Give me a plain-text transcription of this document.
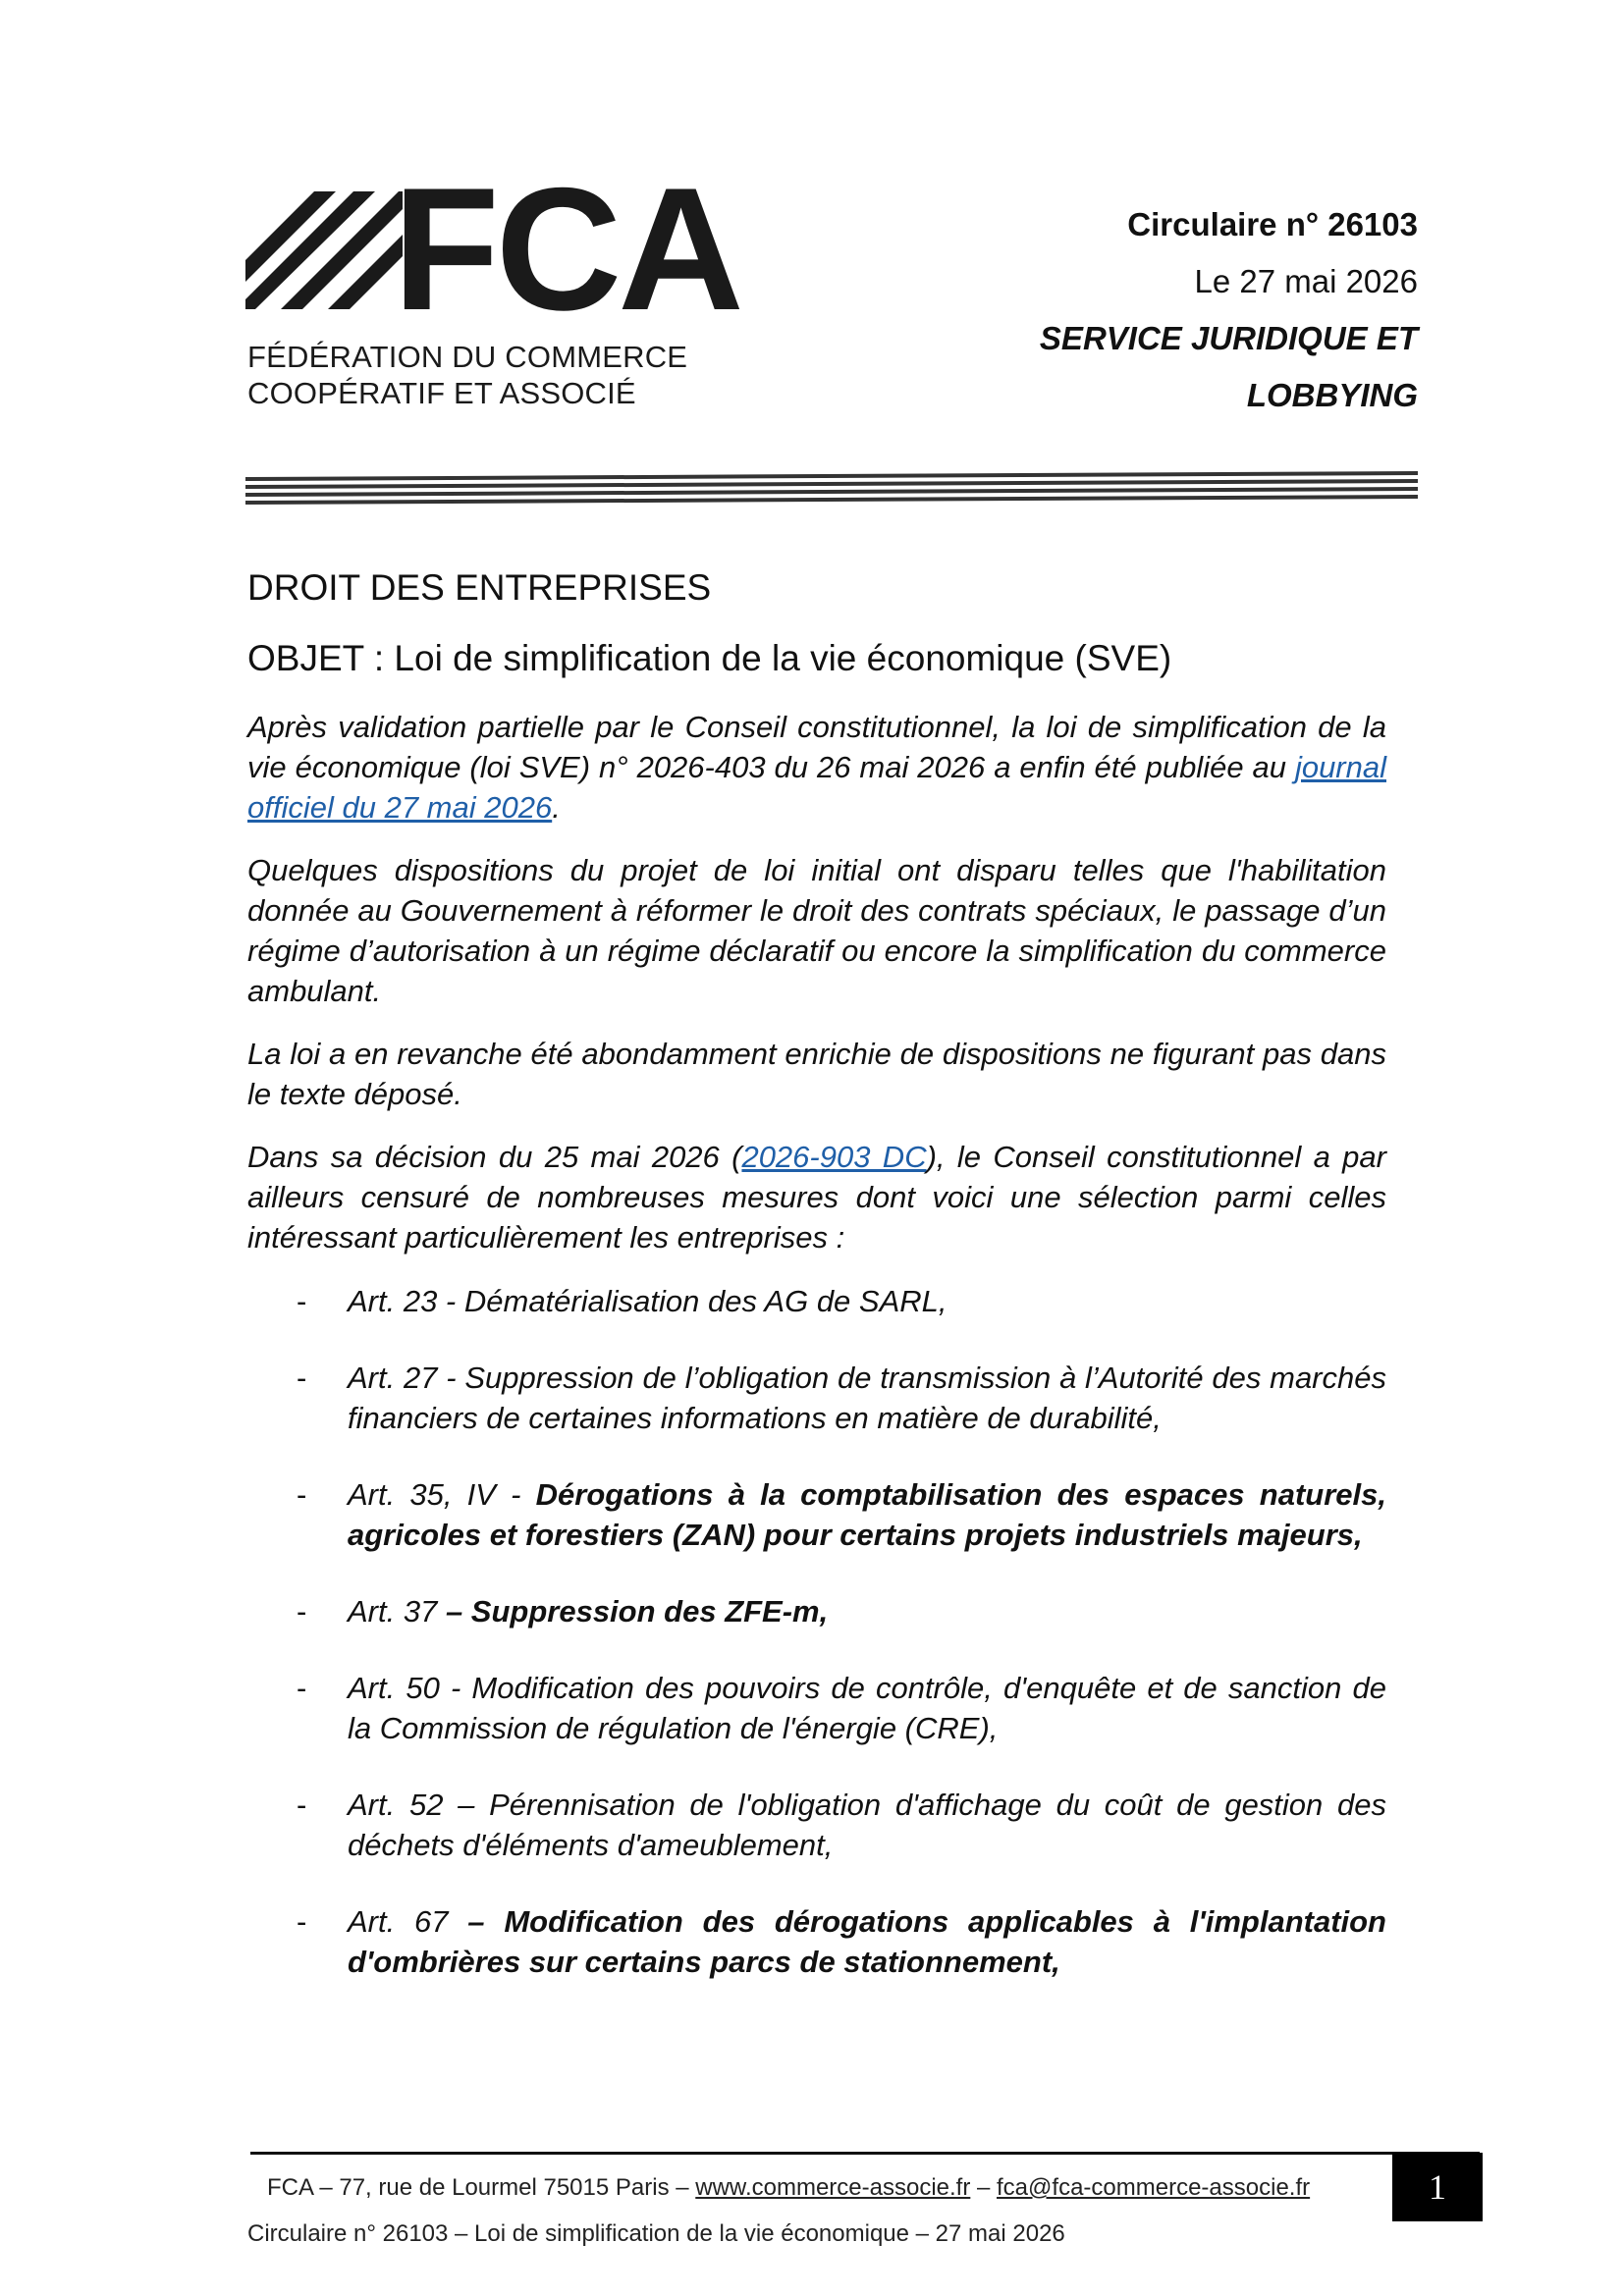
FCA
FÉDÉRATION DU COMMERCE
COOPÉRATIF ET ASSOCIÉ
Circulaire n° 26103
Le 27 mai 2026
SERVICE JURIDIQUE ET
LOBBYING
DROIT DES ENTREPRISES
OBJET : Loi de simplification de la vie économique (SVE)

Après validation partielle par le Conseil constitutionnel, la loi de simplification de la vie économique (loi SVE) n° 2026-403 du 26 mai 2026 a enfin été publiée au journal officiel du 27 mai 2026.

Quelques dispositions du projet de loi initial ont disparu telles que l'habilitation donnée au Gouvernement à réformer le droit des contrats spéciaux, le passage d’un régime d’autorisation à un régime déclaratif ou encore la simplification du commerce ambulant.

La loi a en revanche été abondamment enrichie de dispositions ne figurant pas dans le texte déposé.

Dans sa décision du 25 mai 2026 (2026-903 DC), le Conseil constitutionnel a par ailleurs censuré de nombreuses mesures dont voici une sélection parmi celles intéressant particulièrement les entreprises :

- Art. 23 - Dématérialisation des AG de SARL,
- Art. 27 - Suppression de l’obligation de transmission à l’Autorité des marchés financiers de certaines informations en matière de durabilité,
- Art. 35, IV - Dérogations à la comptabilisation des espaces naturels, agricoles et forestiers (ZAN) pour certains projets industriels majeurs,
- Art. 37 – Suppression des ZFE-m,
- Art. 50 - Modification des pouvoirs de contrôle, d'enquête et de sanction de la Commission de régulation de l'énergie (CRE),
- Art. 52 – Pérennisation de l'obligation d'affichage du coût de gestion des déchets d'éléments d'ameublement,
- Art. 67 – Modification des dérogations applicables à l'implantation d'ombrières sur certains parcs de stationnement,
FCA – 77, rue de Lourmel 75015 Paris – www.commerce-associe.fr – fca@fca-commerce-associe.fr	1
Circulaire n° 26103 – Loi de simplification de la vie économique – 27 mai 2026
